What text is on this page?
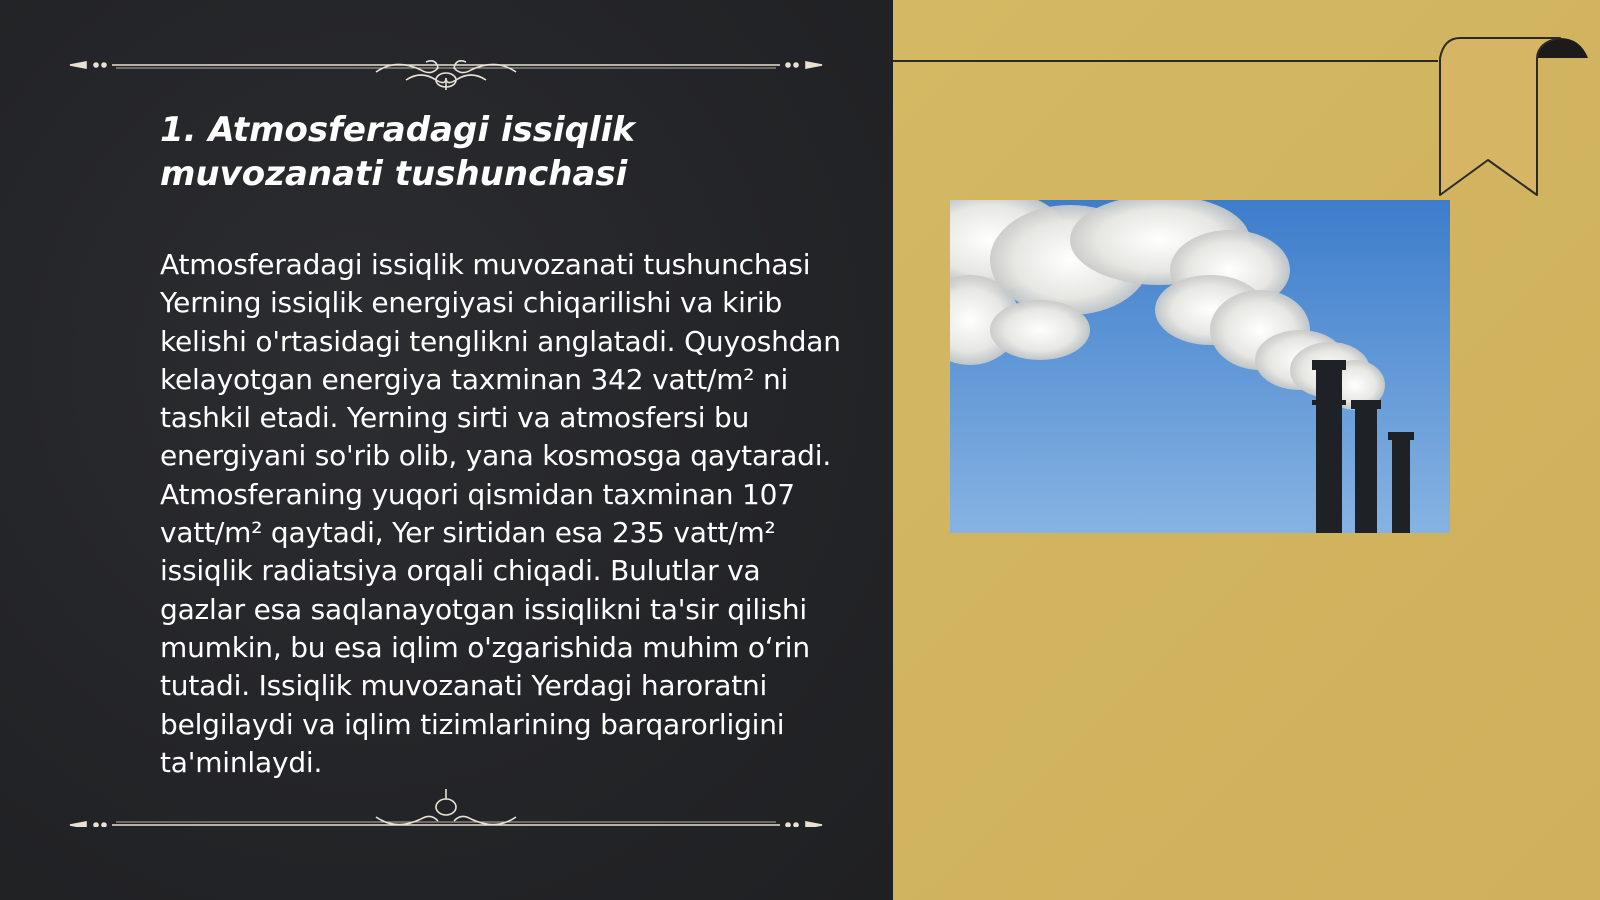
1. Atmosferadagi issiqlik muvozanati tushunchasi

Atmosferadagi issiqlik muvozanati tushunchasi Yerning issiqlik energiyasi chiqarilishi va kirib kelishi o'rtasidagi tenglikni anglatadi. Quyoshdan kelayotgan energiya taxminan 342 vatt/m² ni tashkil etadi. Yerning sirti va atmosfersi bu energiyani so'rib olib, yana kosmosga qaytaradi. Atmosferaning yuqori qismidan taxminan 107 vatt/m² qaytadi, Yer sirtidan esa 235 vatt/m² issiqlik radiatsiya orqali chiqadi. Bulutlar va gazlar esa saqlanayotgan issiqlikni ta'sir qilishi mumkin, bu esa iqlim o'zgarishida muhim o‘rin tutadi. Issiqlik muvozanati Yerdagi haroratni belgilaydi va iqlim tizimlarining barqarorligini ta'minlaydi.
